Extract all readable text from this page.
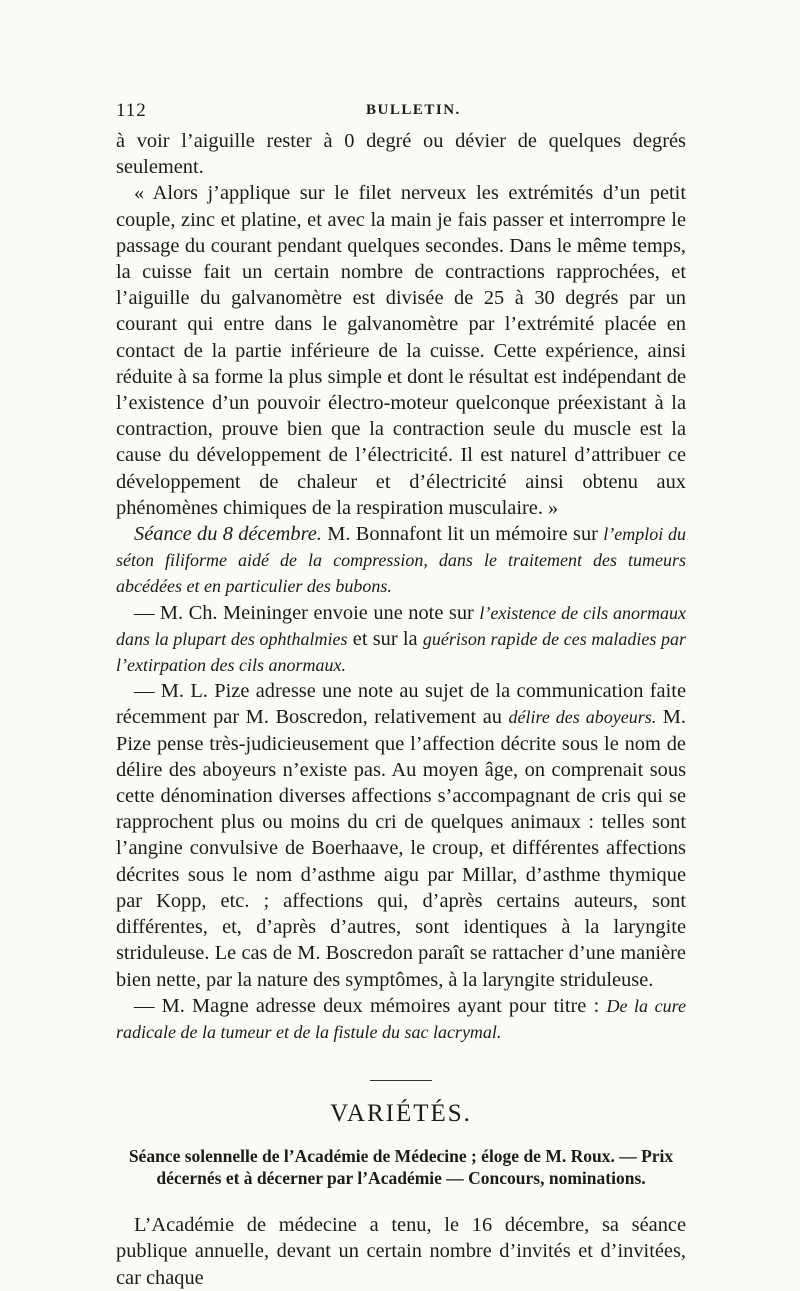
112	BULLETIN.

à voir l’aiguille rester à 0 degré ou dévier de quelques degrés seulement.

« Alors j’applique sur le filet nerveux les extrémités d’un petit couple, zinc et platine, et avec la main je fais passer et interrompre le passage du courant pendant quelques secondes. Dans le même temps, la cuisse fait un certain nombre de contractions rapprochées, et l’aiguille du galvanomètre est divisée de 25 à 30 degrés par un courant qui entre dans le galvanomètre par l’extrémité placée en contact de la partie inférieure de la cuisse. Cette expérience, ainsi réduite à sa forme la plus simple et dont le résultat est indépendant de l’existence d’un pouvoir électro-moteur quelconque préexistant à la contraction, prouve bien que la contraction seule du muscle est la cause du développement de l’électricité. Il est naturel d’attribuer ce développement de chaleur et d’électricité ainsi obtenu aux phénomènes chimiques de la respiration musculaire. »

Séance du 8 décembre. M. Bonnafont lit un mémoire sur l’emploi du séton filiforme aidé de la compression, dans le traitement des tumeurs abcédées et en particulier des bubons.

— M. Ch. Meininger envoie une note sur l’existence de cils anormaux dans la plupart des ophthalmies et sur la guérison rapide de ces maladies par l’extirpation des cils anormaux.

— M. L. Pize adresse une note au sujet de la communication faite récemment par M. Boscredon, relativement au délire des aboyeurs. M. Pize pense très-judicieusement que l’affection décrite sous le nom de délire des aboyeurs n’existe pas. Au moyen âge, on comprenait sous cette dénomination diverses affections s’accompagnant de cris qui se rapprochent plus ou moins du cri de quelques animaux : telles sont l’angine convulsive de Boerhaave, le croup, et différentes affections décrites sous le nom d’asthme aigu par Millar, d’asthme thymique par Kopp, etc. ; affections qui, d’après certains auteurs, sont différentes, et, d’après d’autres, sont identiques à la laryngite striduleuse. Le cas de M. Boscredon paraît se rattacher d’une manière bien nette, par la nature des symptômes, à la laryngite striduleuse.

— M. Magne adresse deux mémoires ayant pour titre : De la cure radicale de la tumeur et de la fistule du sac lacrymal.

VARIÉTÉS.
Séance solennelle de l’Académie de Médecine ; éloge de M. Roux. — Prix
décernés et à décerner par l’Académie — Concours, nominations.

L’Académie de médecine a tenu, le 16 décembre, sa séance publique annuelle, devant un certain nombre d’invités et d’invitées, car chaque
